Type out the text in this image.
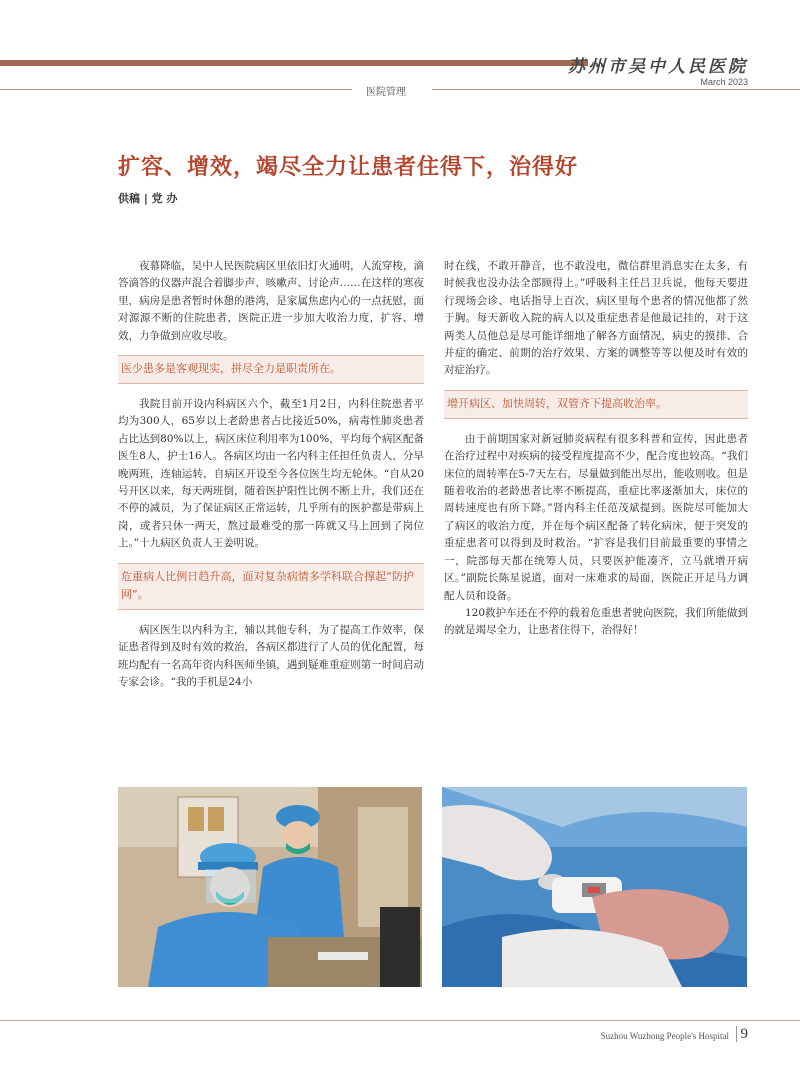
苏州市吴中人民医院
March 2023
医院管理
扩容、增效，竭尽全力让患者住得下，治得好
供稿 | 党 办

夜幕降临，吴中人民医院病区里依旧灯火通明，人流穿梭，滴答滴答的仪器声混合着脚步声、咳嗽声、讨论声……在这样的寒夜里，病房是患者暂时休憩的港湾，是家属焦虑内心的一点抚慰，面对源源不断的住院患者，医院正进一步加大收治力度，扩容、增效，力争做到应收尽收。

医少患多是客观现实，拼尽全力是职责所在。

我院目前开设内科病区六个，截至1月2日，内科住院患者平均为300人，65岁以上老龄患者占比接近50%，病毒性肺炎患者占比达到80%以上，病区床位利用率为100%，平均每个病区配备医生8人，护士16人。各病区均由一名内科主任担任负责人，分早晚两班，连轴运转，自病区开设至今各位医生均无轮休。“自从20号开区以来，每天两班倒，随着医护阳性比例不断上升，我们还在不停的减员，为了保证病区正常运转，几乎所有的医护都是带病上岗，或者只休一两天，熬过最难受的那一阵就又马上回到了岗位上。”十九病区负责人王姜明说。

危重病人比例日趋升高，面对复杂病情多学科联合撑起“防护网”。

病区医生以内科为主，辅以其他专科，为了提高工作效率，保证患者得到及时有效的救治，各病区都进行了人员的优化配置，每班均配有一名高年资内科医师坐镇，遇到疑难重症则第一时间启动专家会诊。“我的手机是24小

时在线，不敢开静音，也不敢没电，微信群里消息实在太多，有时候我也没办法全部顾得上。”呼吸科主任吕卫兵说，他每天要进行现场会诊、电话指导上百次，病区里每个患者的情况他都了然于胸。每天新收入院的病人以及重症患者是他最记挂的，对于这两类人员他总是尽可能详细地了解各方面情况，病史的摸排、合并症的确定、前期的治疗效果、方案的调整等等以便及时有效的对症治疗。

增开病区、加快周转，双管齐下提高收治率。

由于前期国家对新冠肺炎病程有很多科普和宣传，因此患者在治疗过程中对疾病的接受程度提高不少，配合度也较高。“我们床位的周转率在5-7天左右，尽量做到能出尽出，能收则收。但是随着收治的老龄患者比率不断提高，重症比率逐渐加大，床位的周转速度也有所下降。”肾内科主任范茂斌提到。医院尽可能加大了病区的收治力度，并在每个病区配备了转化病床，便于突发的重症患者可以得到及时救治。“扩容是我们目前最重要的事情之一，院部每天都在统筹人员，只要医护能凑齐，立马就增开病区。”副院长陈星说道，面对一床难求的局面，医院正开足马力调配人员和设备。

120救护车还在不停的载着危重患者驶向医院，我们所能做到的就是竭尽全力，让患者住得下，治得好！

Suzhou Wuzhong People's Hospital 9
